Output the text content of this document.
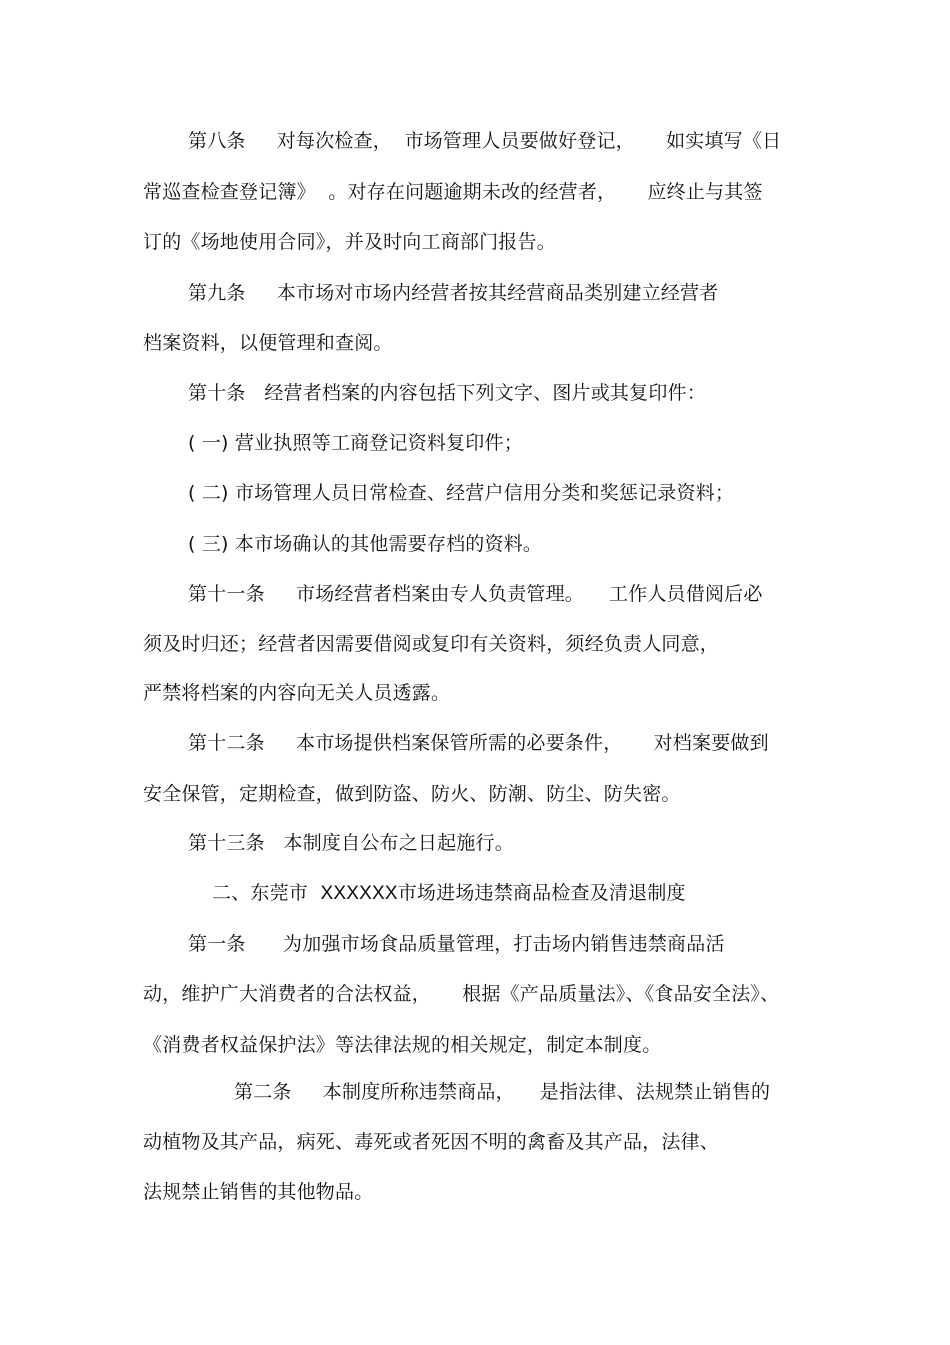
第八条     对每次检查，  市场管理人员要做好登记，     如实填写《日
常巡查检查登记簿》  。对存在问题逾期未改的经营者，     应终止与其签
订的《场地使用合同》，并及时向工商部门报告。
第九条     本市场对市场内经营者按其经营商品类别建立经营者
档案资料，以便管理和查阅。
第十条   经营者档案的内容包括下列文字、图片或其复印件：
( 一) 营业执照等工商登记资料复印件；
( 二) 市场管理人员日常检查、经营户信用分类和奖惩记录资料；
( 三) 本市场确认的其他需要存档的资料。
第十一条     市场经营者档案由专人负责管理。    工作人员借阅后必
须及时归还；经营者因需要借阅或复印有关资料，须经负责人同意，
严禁将档案的内容向无关人员透露。
第十二条     本市场提供档案保管所需的必要条件，     对档案要做到
安全保管，定期检查，做到防盗、防火、防潮、防尘、防失密。
第十三条   本制度自公布之日起施行。
二、东莞市  XXXXXX市场进场违禁商品检查及清退制度
第一条      为加强市场食品质量管理，打击场内销售违禁商品活
动，维护广大消费者的合法权益，     根据《产品质量法》、《食品安全法》、
《消费者权益保护法》等法律法规的相关规定，制定本制度。
第二条     本制度所称违禁商品，    是指法律、法规禁止销售的
动植物及其产品，病死、毒死或者死因不明的禽畜及其产品，法律、
法规禁止销售的其他物品。
